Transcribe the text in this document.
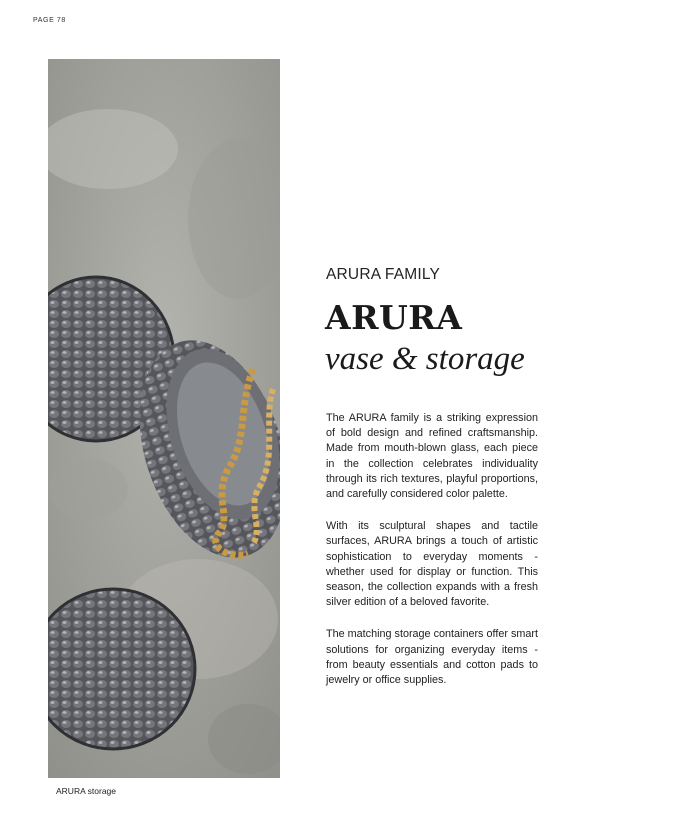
PAGE 78
ARURA storage
ARURA FAMILY
ARURA
vase & storage

The ARURA family is a striking expression of bold design and refined craftsmanship. Made from mouth-blown glass, each piece in the collection celebrates individuality through its rich textures, playful proportions, and carefully considered color palette.

With its sculptural shapes and tactile surfaces, ARURA brings a touch of artistic sophistication to everyday moments - whether used for display or function. This season, the collection expands with a fresh silver edition of a beloved favorite.

The matching storage containers offer smart solutions for organizing everyday items - from beauty essentials and cotton pads to jewelry or office supplies.
